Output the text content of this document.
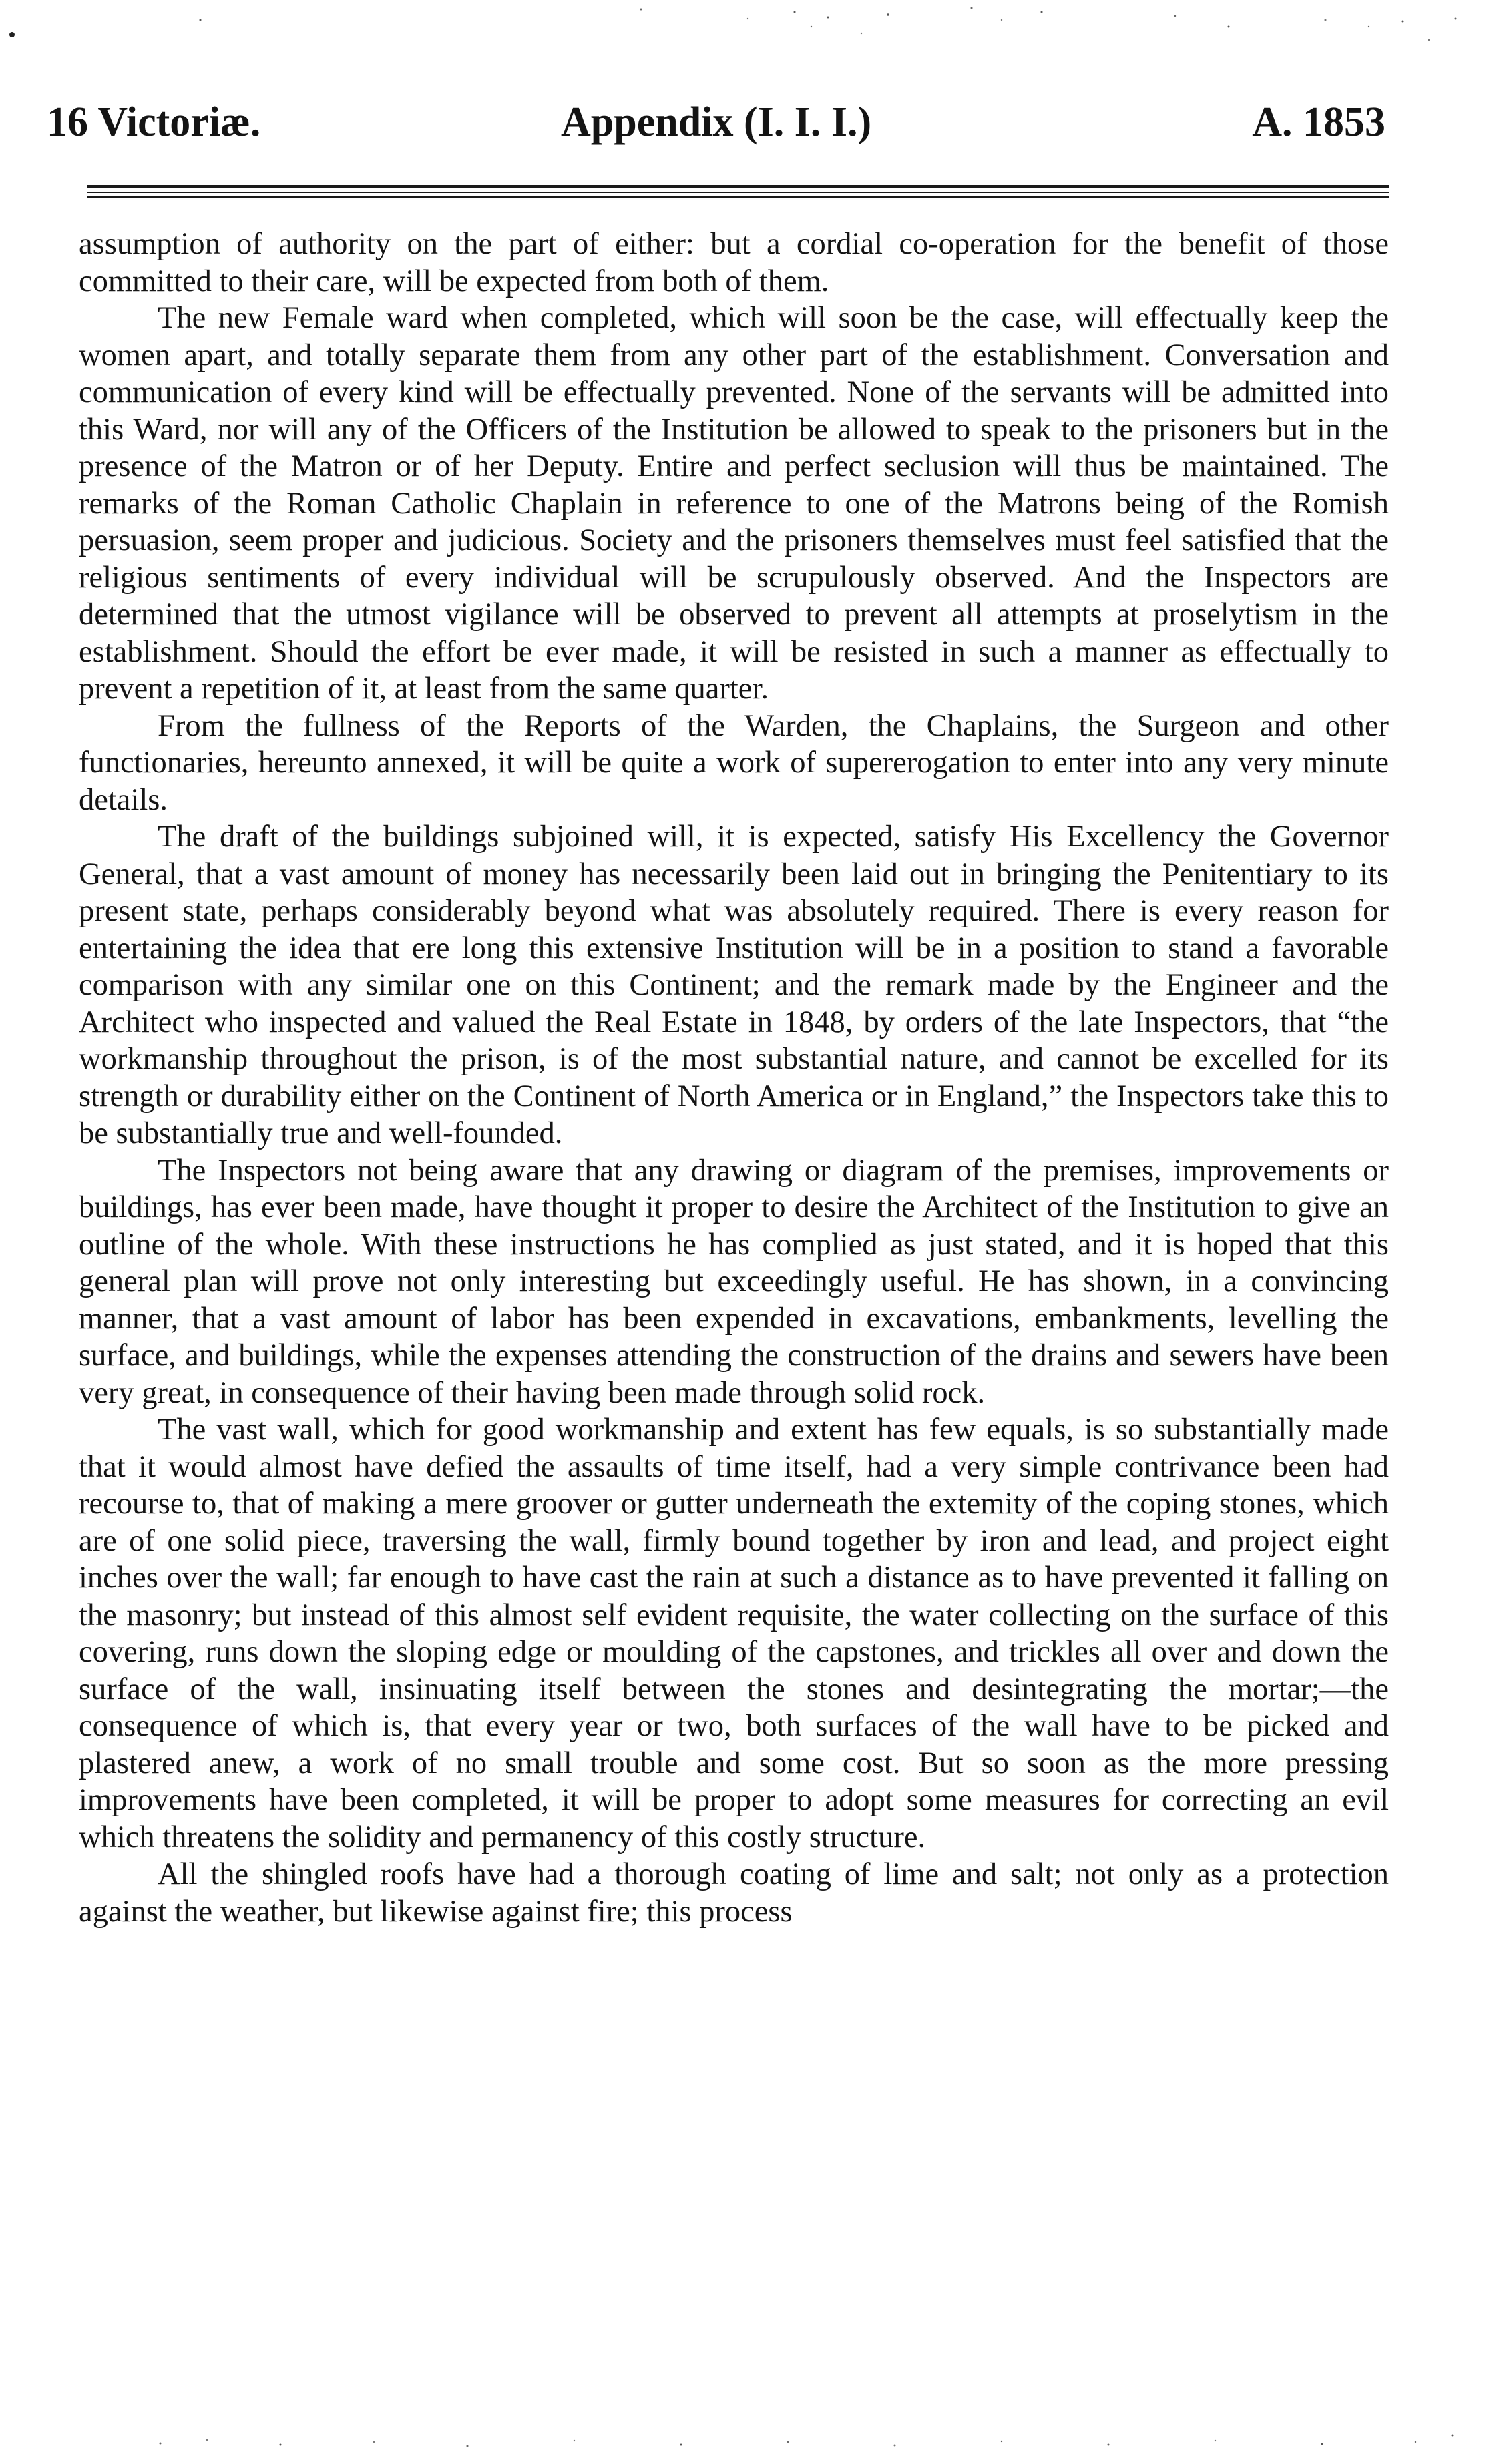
16 Victoriæ.	Appendix (I. I. I.)	A. 1853

assumption of authority on the part of either: but a cordial co-operation for the benefit of those committed to their care, will be expected from both of them.

The new Female ward when completed, which will soon be the case, will effectually keep the women apart, and totally separate them from any other part of the establishment. Conversation and communication of every kind will be effectually prevented. None of the servants will be admitted into this Ward, nor will any of the Officers of the Institution be allowed to speak to the prisoners but in the presence of the Matron or of her Deputy. Entire and perfect seclusion will thus be maintained. The remarks of the Roman Catholic Chaplain in reference to one of the Matrons being of the Romish persuasion, seem proper and judicious. Society and the prisoners themselves must feel satisfied that the religious sentiments of every individual will be scrupulously observed. And the Inspectors are determined that the utmost vigilance will be observed to prevent all attempts at proselytism in the establishment. Should the effort be ever made, it will be resisted in such a manner as effectually to prevent a repetition of it, at least from the same quarter.

From the fullness of the Reports of the Warden, the Chaplains, the Surgeon and other functionaries, hereunto annexed, it will be quite a work of supererogation to enter into any very minute details.

The draft of the buildings subjoined will, it is expected, satisfy His Excellency the Governor General, that a vast amount of money has necessarily been laid out in bringing the Penitentiary to its present state, perhaps considerably beyond what was absolutely required. There is every reason for entertaining the idea that ere long this extensive Institution will be in a position to stand a favorable comparison with any similar one on this Continent; and the remark made by the Engineer and the Architect who inspected and valued the Real Estate in 1848, by orders of the late Inspectors, that “the workmanship throughout the prison, is of the most substantial nature, and cannot be excelled for its strength or durability either on the Continent of North America or in England,” the Inspectors take this to be substantially true and well-founded.

The Inspectors not being aware that any drawing or diagram of the premises, improvements or buildings, has ever been made, have thought it proper to desire the Architect of the Institution to give an outline of the whole. With these instructions he has complied as just stated, and it is hoped that this general plan will prove not only interesting but exceedingly useful. He has shown, in a convincing manner, that a vast amount of labor has been expended in excavations, embankments, levelling the surface, and buildings, while the expenses attending the construction of the drains and sewers have been very great, in consequence of their having been made through solid rock.

The vast wall, which for good workmanship and extent has few equals, is so substantially made that it would almost have defied the assaults of time itself, had a very simple contrivance been had recourse to, that of making a mere groover or gutter underneath the extemity of the coping stones, which are of one solid piece, traversing the wall, firmly bound together by iron and lead, and project eight inches over the wall; far enough to have cast the rain at such a distance as to have prevented it falling on the masonry; but instead of this almost self evident requisite, the water collecting on the surface of this covering, runs down the sloping edge or moulding of the capstones, and trickles all over and down the surface of the wall, insinuating itself between the stones and desintegrating the mortar;—the consequence of which is, that every year or two, both surfaces of the wall have to be picked and plastered anew, a work of no small trouble and some cost. But so soon as the more pressing improvements have been completed, it will be proper to adopt some measures for correcting an evil which threatens the solidity and permanency of this costly structure.

All the shingled roofs have had a thorough coating of lime and salt; not only as a protection against the weather, but likewise against fire; this process
